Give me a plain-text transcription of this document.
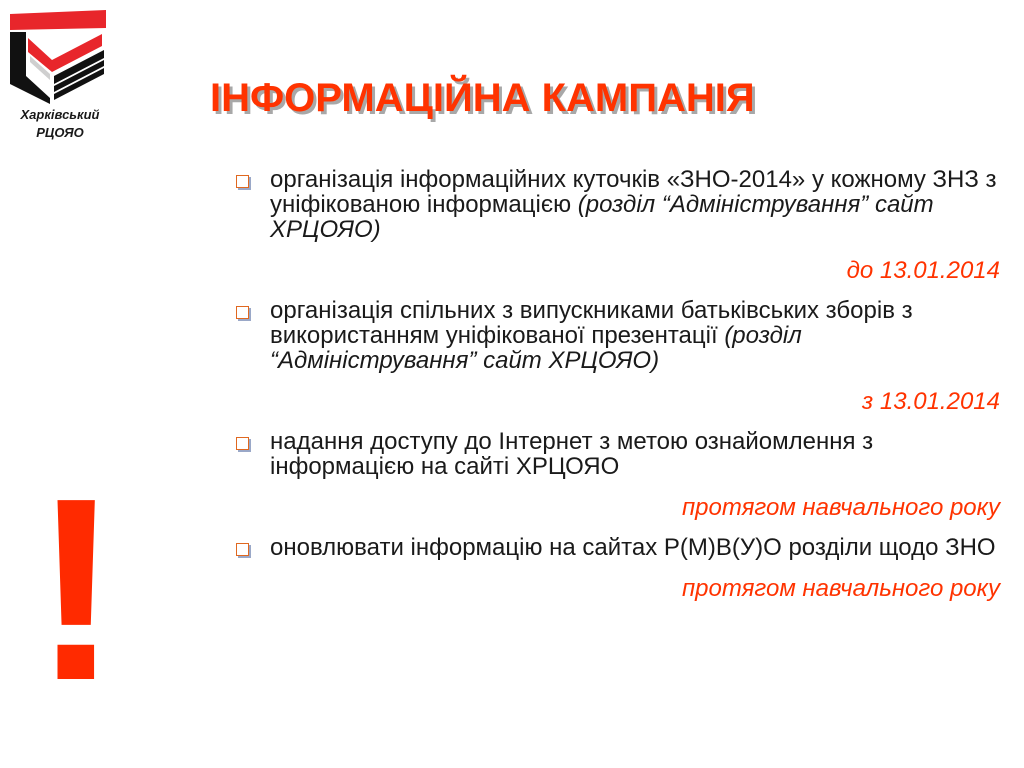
Харківський
РЦОЯО
ІНФОРМАЦІЙНА КАМПАНІЯ
!
організація інформаційних куточків «ЗНО-2014» у кожному ЗНЗ з уніфікованою інформацією (розділ “Адміністрування” сайт ХРЦОЯО)
до 13.01.2014
організація спільних з випускниками батьківських зборів з використанням уніфікованої презентації (розділ “Адміністрування” сайт ХРЦОЯО)
з 13.01.2014
надання доступу до Інтернет з метою ознайомлення з інформацією на сайті ХРЦОЯО
протягом навчального року
оновлювати інформацію на сайтах Р(М)В(У)О розділи щодо ЗНО
протягом навчального року
